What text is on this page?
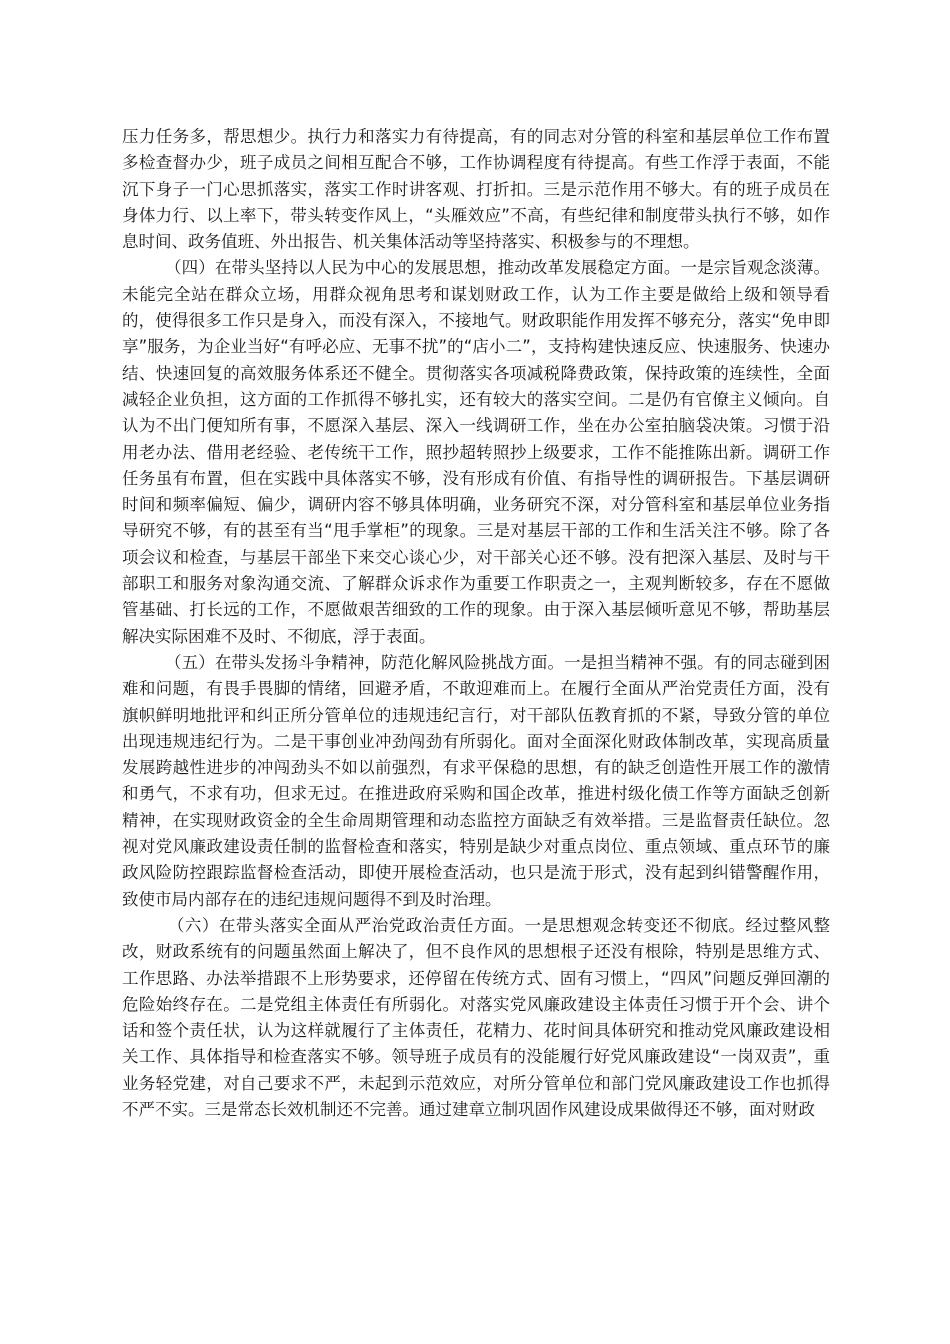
压力任务多，帮思想少。执行力和落实力有待提高，有的同志对分管的科室和基层单位工作布置多检查督办少，班子成员之间相互配合不够，工作协调程度有待提高。有些工作浮于表面，不能沉下身子一门心思抓落实，落实工作时讲客观、打折扣。三是示范作用不够大。有的班子成员在身体力行、以上率下，带头转变作风上，“头雁效应”不高，有些纪律和制度带头执行不够，如作息时间、政务值班、外出报告、机关集体活动等坚持落实、积极参与的不理想。

（四）在带头坚持以人民为中心的发展思想，推动改革发展稳定方面。一是宗旨观念淡薄。未能完全站在群众立场，用群众视角思考和谋划财政工作，认为工作主要是做给上级和领导看的，使得很多工作只是身入，而没有深入，不接地气。财政职能作用发挥不够充分，落实“免申即享”服务，为企业当好“有呼必应、无事不扰”的“店小二”，支持构建快速反应、快速服务、快速办结、快速回复的高效服务体系还不健全。贯彻落实各项减税降费政策，保持政策的连续性，全面减轻企业负担，这方面的工作抓得不够扎实，还有较大的落实空间。二是仍有官僚主义倾向。自认为不出门便知所有事，不愿深入基层、深入一线调研工作，坐在办公室拍脑袋决策。习惯于沿用老办法、借用老经验、老传统干工作，照抄超转照抄上级要求，工作不能推陈出新。调研工作任务虽有布置，但在实践中具体落实不够，没有形成有价值、有指导性的调研报告。下基层调研时间和频率偏短、偏少，调研内容不够具体明确，业务研究不深，对分管科室和基层单位业务指导研究不够，有的甚至有当“甩手掌柜”的现象。三是对基层干部的工作和生活关注不够。除了各项会议和检查，与基层干部坐下来交心谈心少，对干部关心还不够。没有把深入基层、及时与干部职工和服务对象沟通交流、了解群众诉求作为重要工作职责之一，主观判断较多，存在不愿做管基础、打长远的工作，不愿做艰苦细致的工作的现象。由于深入基层倾听意见不够，帮助基层解决实际困难不及时、不彻底，浮于表面。

（五）在带头发扬斗争精神，防范化解风险挑战方面。一是担当精神不强。有的同志碰到困难和问题，有畏手畏脚的情绪，回避矛盾，不敢迎难而上。在履行全面从严治党责任方面，没有旗帜鲜明地批评和纠正所分管单位的违规违纪言行，对干部队伍教育抓的不紧，导致分管的单位出现违规违纪行为。二是干事创业冲劲闯劲有所弱化。面对全面深化财政体制改革，实现高质量发展跨越性进步的冲闯劲头不如以前强烈，有求平保稳的思想，有的缺乏创造性开展工作的激情和勇气，不求有功，但求无过。在推进政府采购和国企改革，推进村级化债工作等方面缺乏创新精神，在实现财政资金的全生命周期管理和动态监控方面缺乏有效举措。三是监督责任缺位。忽视对党风廉政建设责任制的监督检查和落实，特别是缺少对重点岗位、重点领域、重点环节的廉政风险防控跟踪监督检查活动，即使开展检查活动，也只是流于形式，没有起到纠错警醒作用，致使市局内部存在的违纪违规问题得不到及时治理。

（六）在带头落实全面从严治党政治责任方面。一是思想观念转变还不彻底。经过整风整改，财政系统有的问题虽然面上解决了，但不良作风的思想根子还没有根除，特别是思维方式、工作思路、办法举措跟不上形势要求，还停留在传统方式、固有习惯上，“四风”问题反弹回潮的危险始终存在。二是党组主体责任有所弱化。对落实党风廉政建设主体责任习惯于开个会、讲个话和签个责任状，认为这样就履行了主体责任，花精力、花时间具体研究和推动党风廉政建设相关工作、具体指导和检查落实不够。领导班子成员有的没能履行好党风廉政建设“一岗双责”，重业务轻党建，对自己要求不严，未起到示范效应，对所分管单位和部门党风廉政建设工作也抓得不严不实。三是常态长效机制还不完善。通过建章立制巩固作风建设成果做得还不够，面对财政
